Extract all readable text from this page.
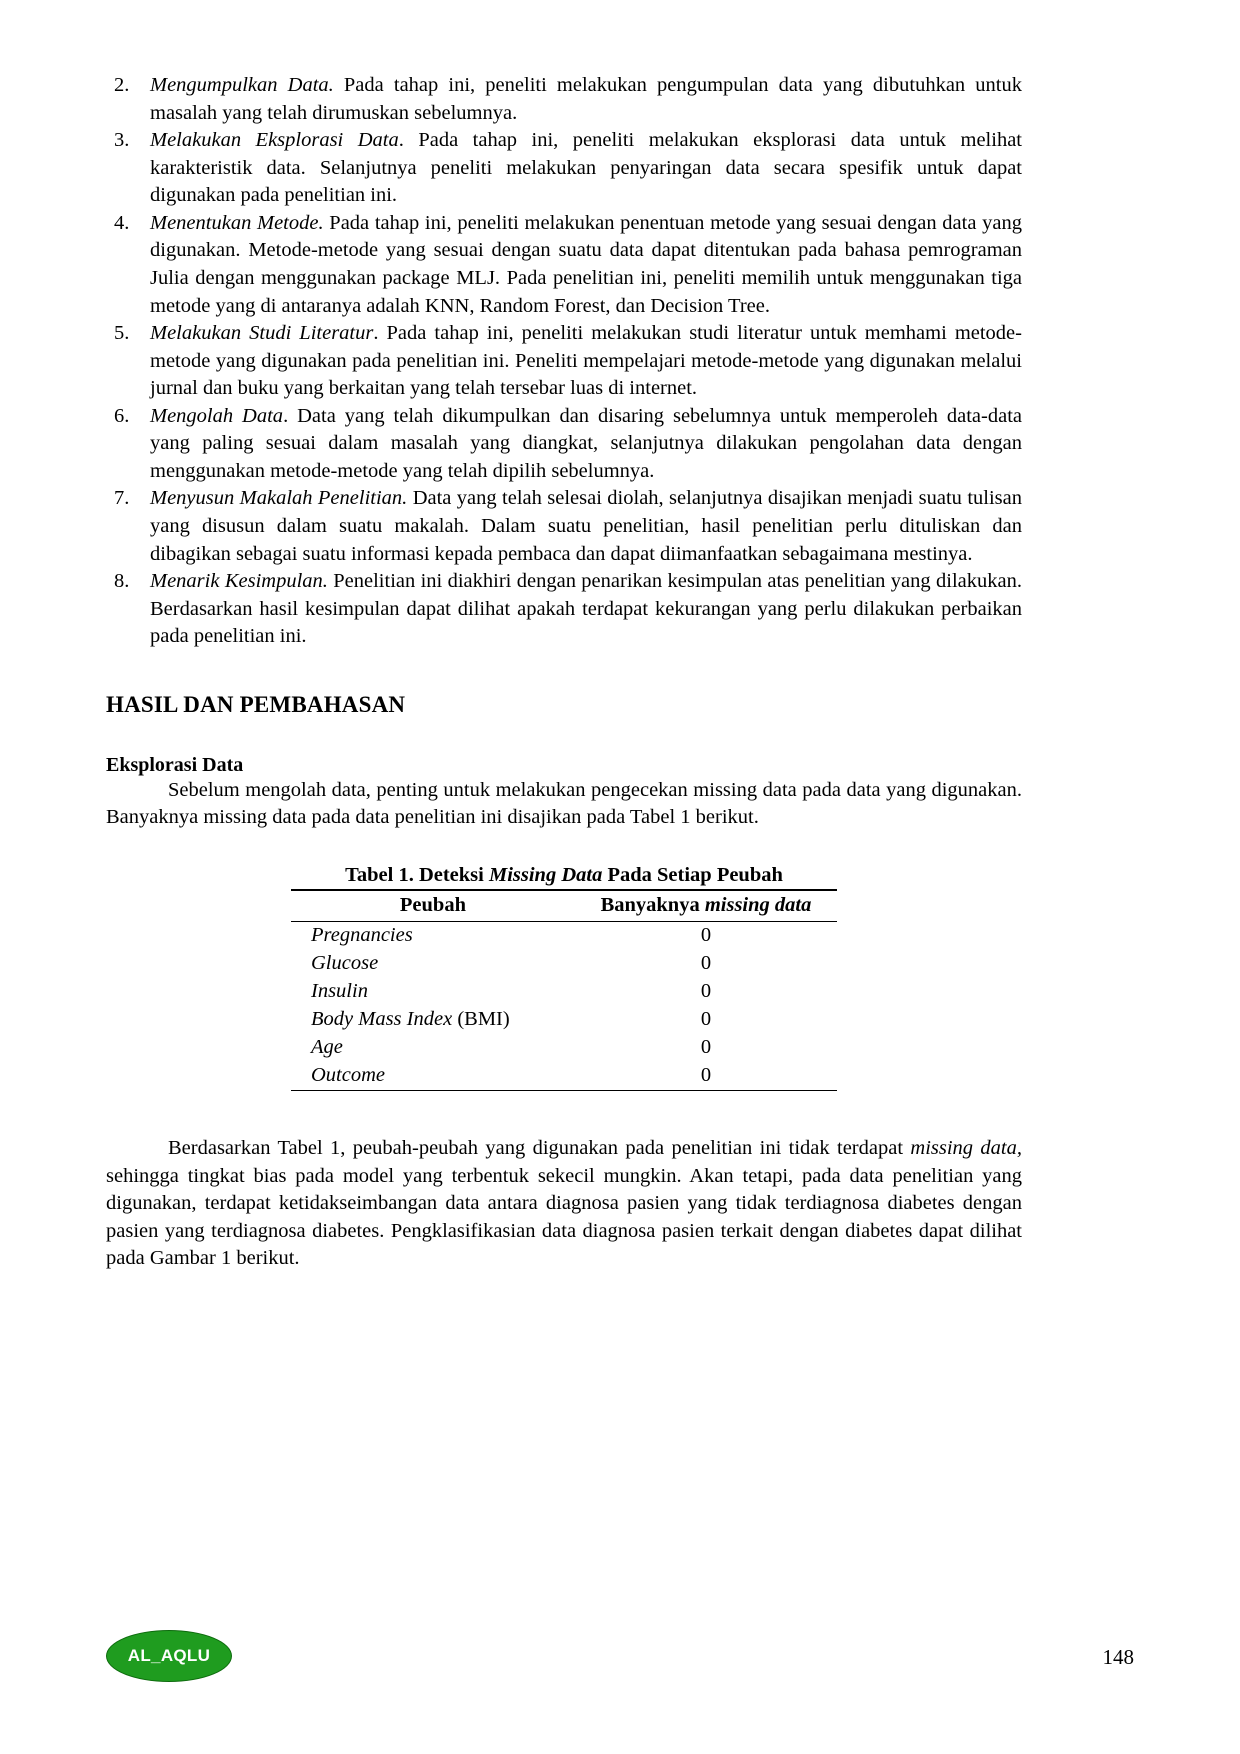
2.	Mengumpulkan Data. Pada tahap ini, peneliti melakukan pengumpulan data yang dibutuhkan untuk masalah yang telah dirumuskan sebelumnya.
3.	Melakukan Eksplorasi Data. Pada tahap ini, peneliti melakukan eksplorasi data untuk melihat karakteristik data. Selanjutnya peneliti melakukan penyaringan data secara spesifik untuk dapat digunakan pada penelitian ini.
4.	Menentukan Metode. Pada tahap ini, peneliti melakukan penentuan metode yang sesuai dengan data yang digunakan. Metode-metode yang sesuai dengan suatu data dapat ditentukan pada bahasa pemrograman Julia dengan menggunakan package MLJ. Pada penelitian ini, peneliti memilih untuk menggunakan tiga metode yang di antaranya adalah KNN, Random Forest, dan Decision Tree.
5.	Melakukan Studi Literatur. Pada tahap ini, peneliti melakukan studi literatur untuk memhami metode-metode yang digunakan pada penelitian ini. Peneliti mempelajari metode-metode yang digunakan melalui jurnal dan buku yang berkaitan yang telah tersebar luas di internet.
6.	Mengolah Data. Data yang telah dikumpulkan dan disaring sebelumnya untuk memperoleh data-data yang paling sesuai dalam masalah yang diangkat, selanjutnya dilakukan pengolahan data dengan menggunakan metode-metode yang telah dipilih sebelumnya.
7.	Menyusun Makalah Penelitian. Data yang telah selesai diolah, selanjutnya disajikan menjadi suatu tulisan yang disusun dalam suatu makalah. Dalam suatu penelitian, hasil penelitian perlu dituliskan dan dibagikan sebagai suatu informasi kepada pembaca dan dapat diimanfaatkan sebagaimana mestinya.
8.	Menarik Kesimpulan. Penelitian ini diakhiri dengan penarikan kesimpulan atas penelitian yang dilakukan. Berdasarkan hasil kesimpulan dapat dilihat apakah terdapat kekurangan yang perlu dilakukan perbaikan pada penelitian ini.
HASIL DAN PEMBAHASAN
Eksplorasi Data

Sebelum mengolah data, penting untuk melakukan pengecekan missing data pada data yang digunakan. Banyaknya missing data pada data penelitian ini disajikan pada Tabel 1 berikut.

Tabel 1. Deteksi Missing Data Pada Setiap Peubah
Peubah	Banyaknya missing data
Pregnancies	0
Glucose	0
Insulin	0
Body Mass Index (BMI)	0
Age	0
Outcome	0

Berdasarkan Tabel 1, peubah-peubah yang digunakan pada penelitian ini tidak terdapat missing data, sehingga tingkat bias pada model yang terbentuk sekecil mungkin. Akan tetapi, pada data penelitian yang digunakan, terdapat ketidakseimbangan data antara diagnosa pasien yang tidak terdiagnosa diabetes dengan pasien yang terdiagnosa diabetes. Pengklasifikasian data diagnosa pasien terkait dengan diabetes dapat dilihat pada Gambar 1 berikut.

AL_AQLU	148
